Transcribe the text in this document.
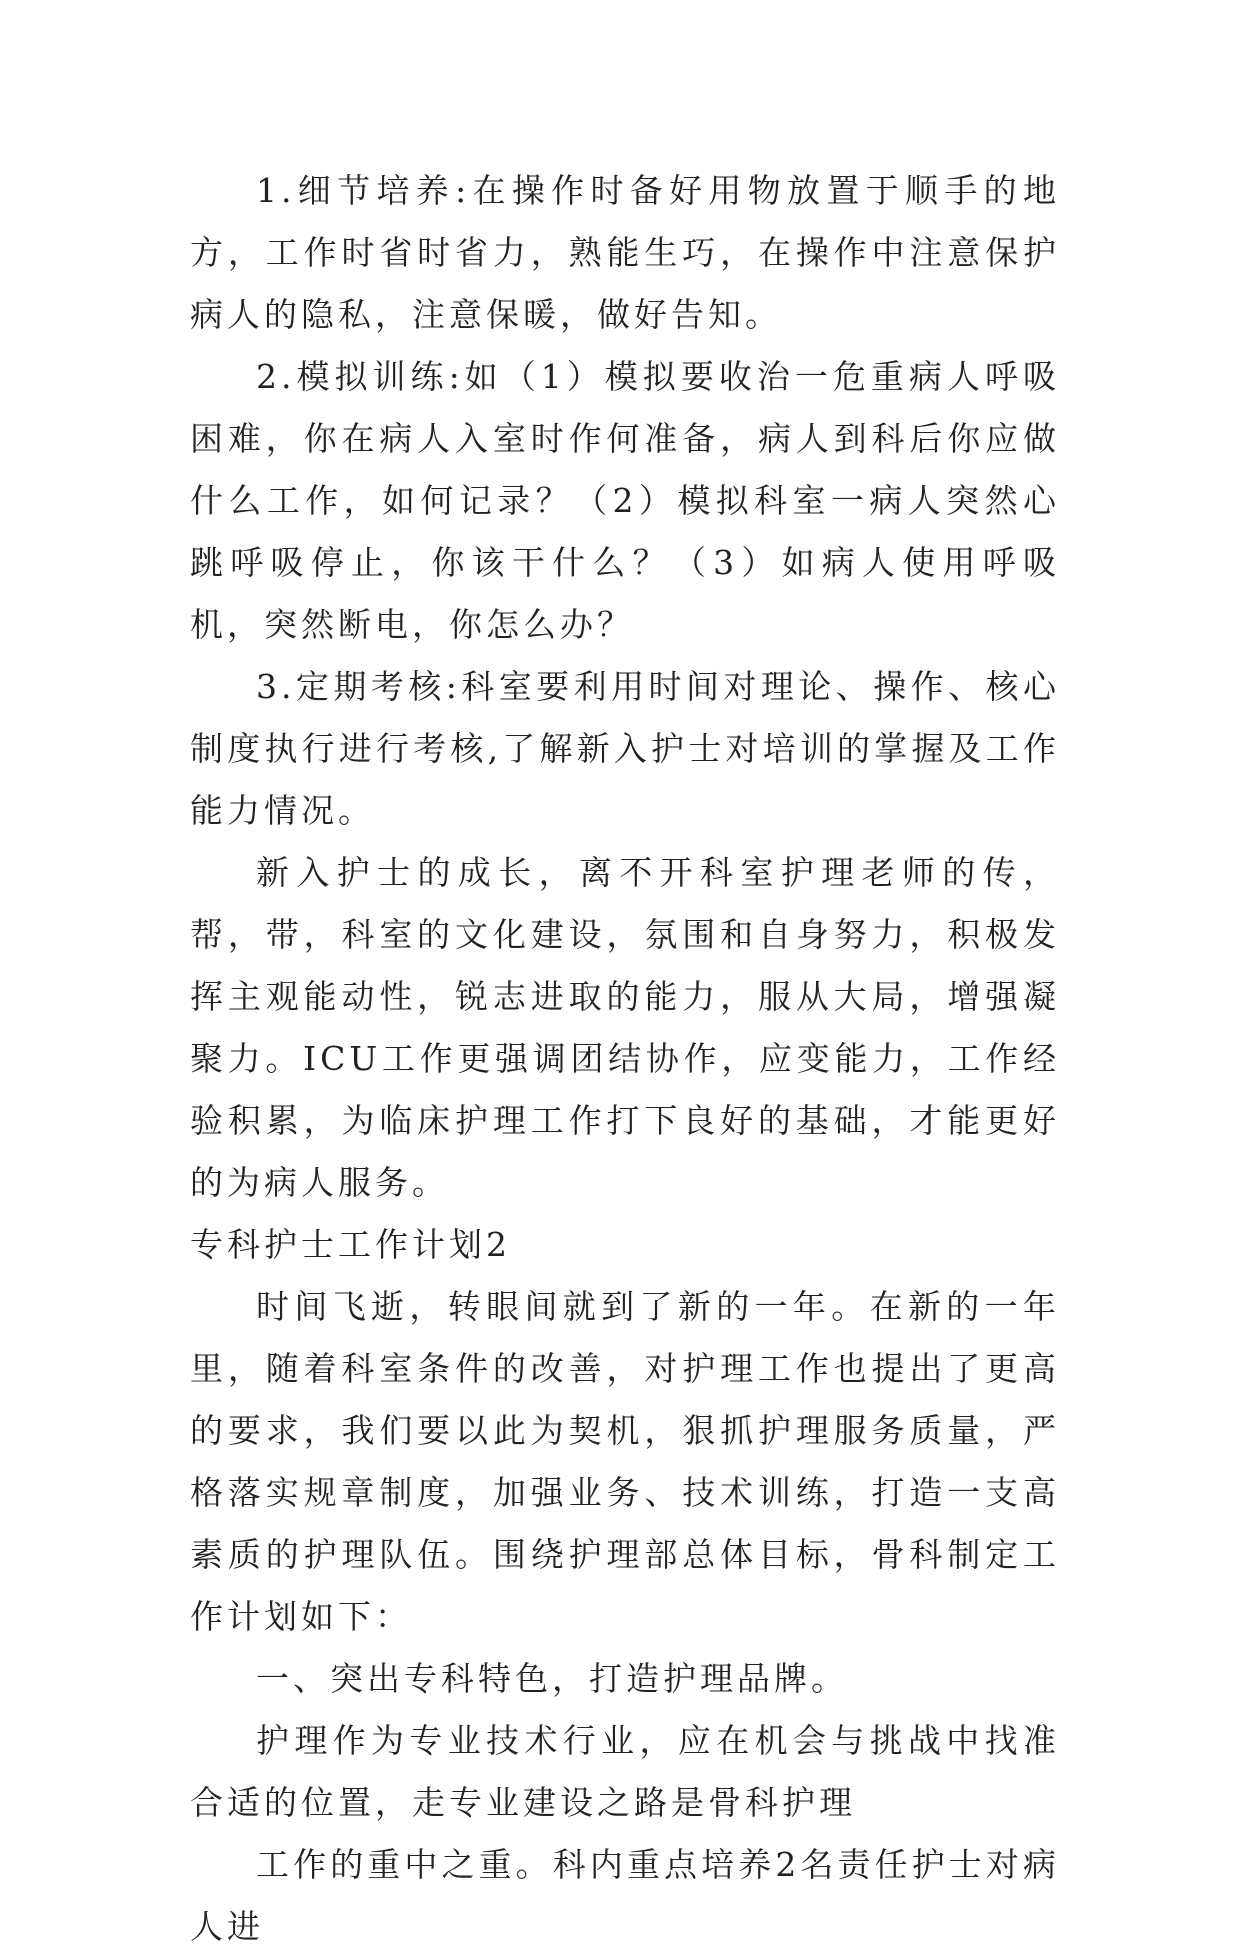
1.细节培养:在操作时备好用物放置于顺手的地方，工作时省时省力，熟能生巧，在操作中注意保护病人的隐私，注意保暖，做好告知。

2.模拟训练:如（1）模拟要收治一危重病人呼吸困难，你在病人入室时作何准备，病人到科后你应做什么工作，如何记录？（2）模拟科室一病人突然心跳呼吸停止，你该干什么？（3）如病人使用呼吸机，突然断电，你怎么办？

3.定期考核:科室要利用时间对理论、操作、核心制度执行进行考核,了解新入护士对培训的掌握及工作能力情况。

新入护士的成长，离不开科室护理老师的传，帮，带，科室的文化建设，氛围和自身努力，积极发挥主观能动性，锐志进取的能力，服从大局，增强凝聚力。ICU工作更强调团结协作，应变能力，工作经验积累，为临床护理工作打下良好的基础，才能更好的为病人服务。

专科护士工作计划2

时间飞逝，转眼间就到了新的一年。在新的一年里，随着科室条件的改善，对护理工作也提出了更高的要求，我们要以此为契机，狠抓护理服务质量，严格落实规章制度，加强业务、技术训练，打造一支高素质的护理队伍。围绕护理部总体目标，骨科制定工作计划如下：

一、突出专科特色，打造护理品牌。

护理作为专业技术行业，应在机会与挑战中找准合适的位置，走专业建设之路是骨科护理

工作的重中之重。科内重点培养2名责任护士对病人进
